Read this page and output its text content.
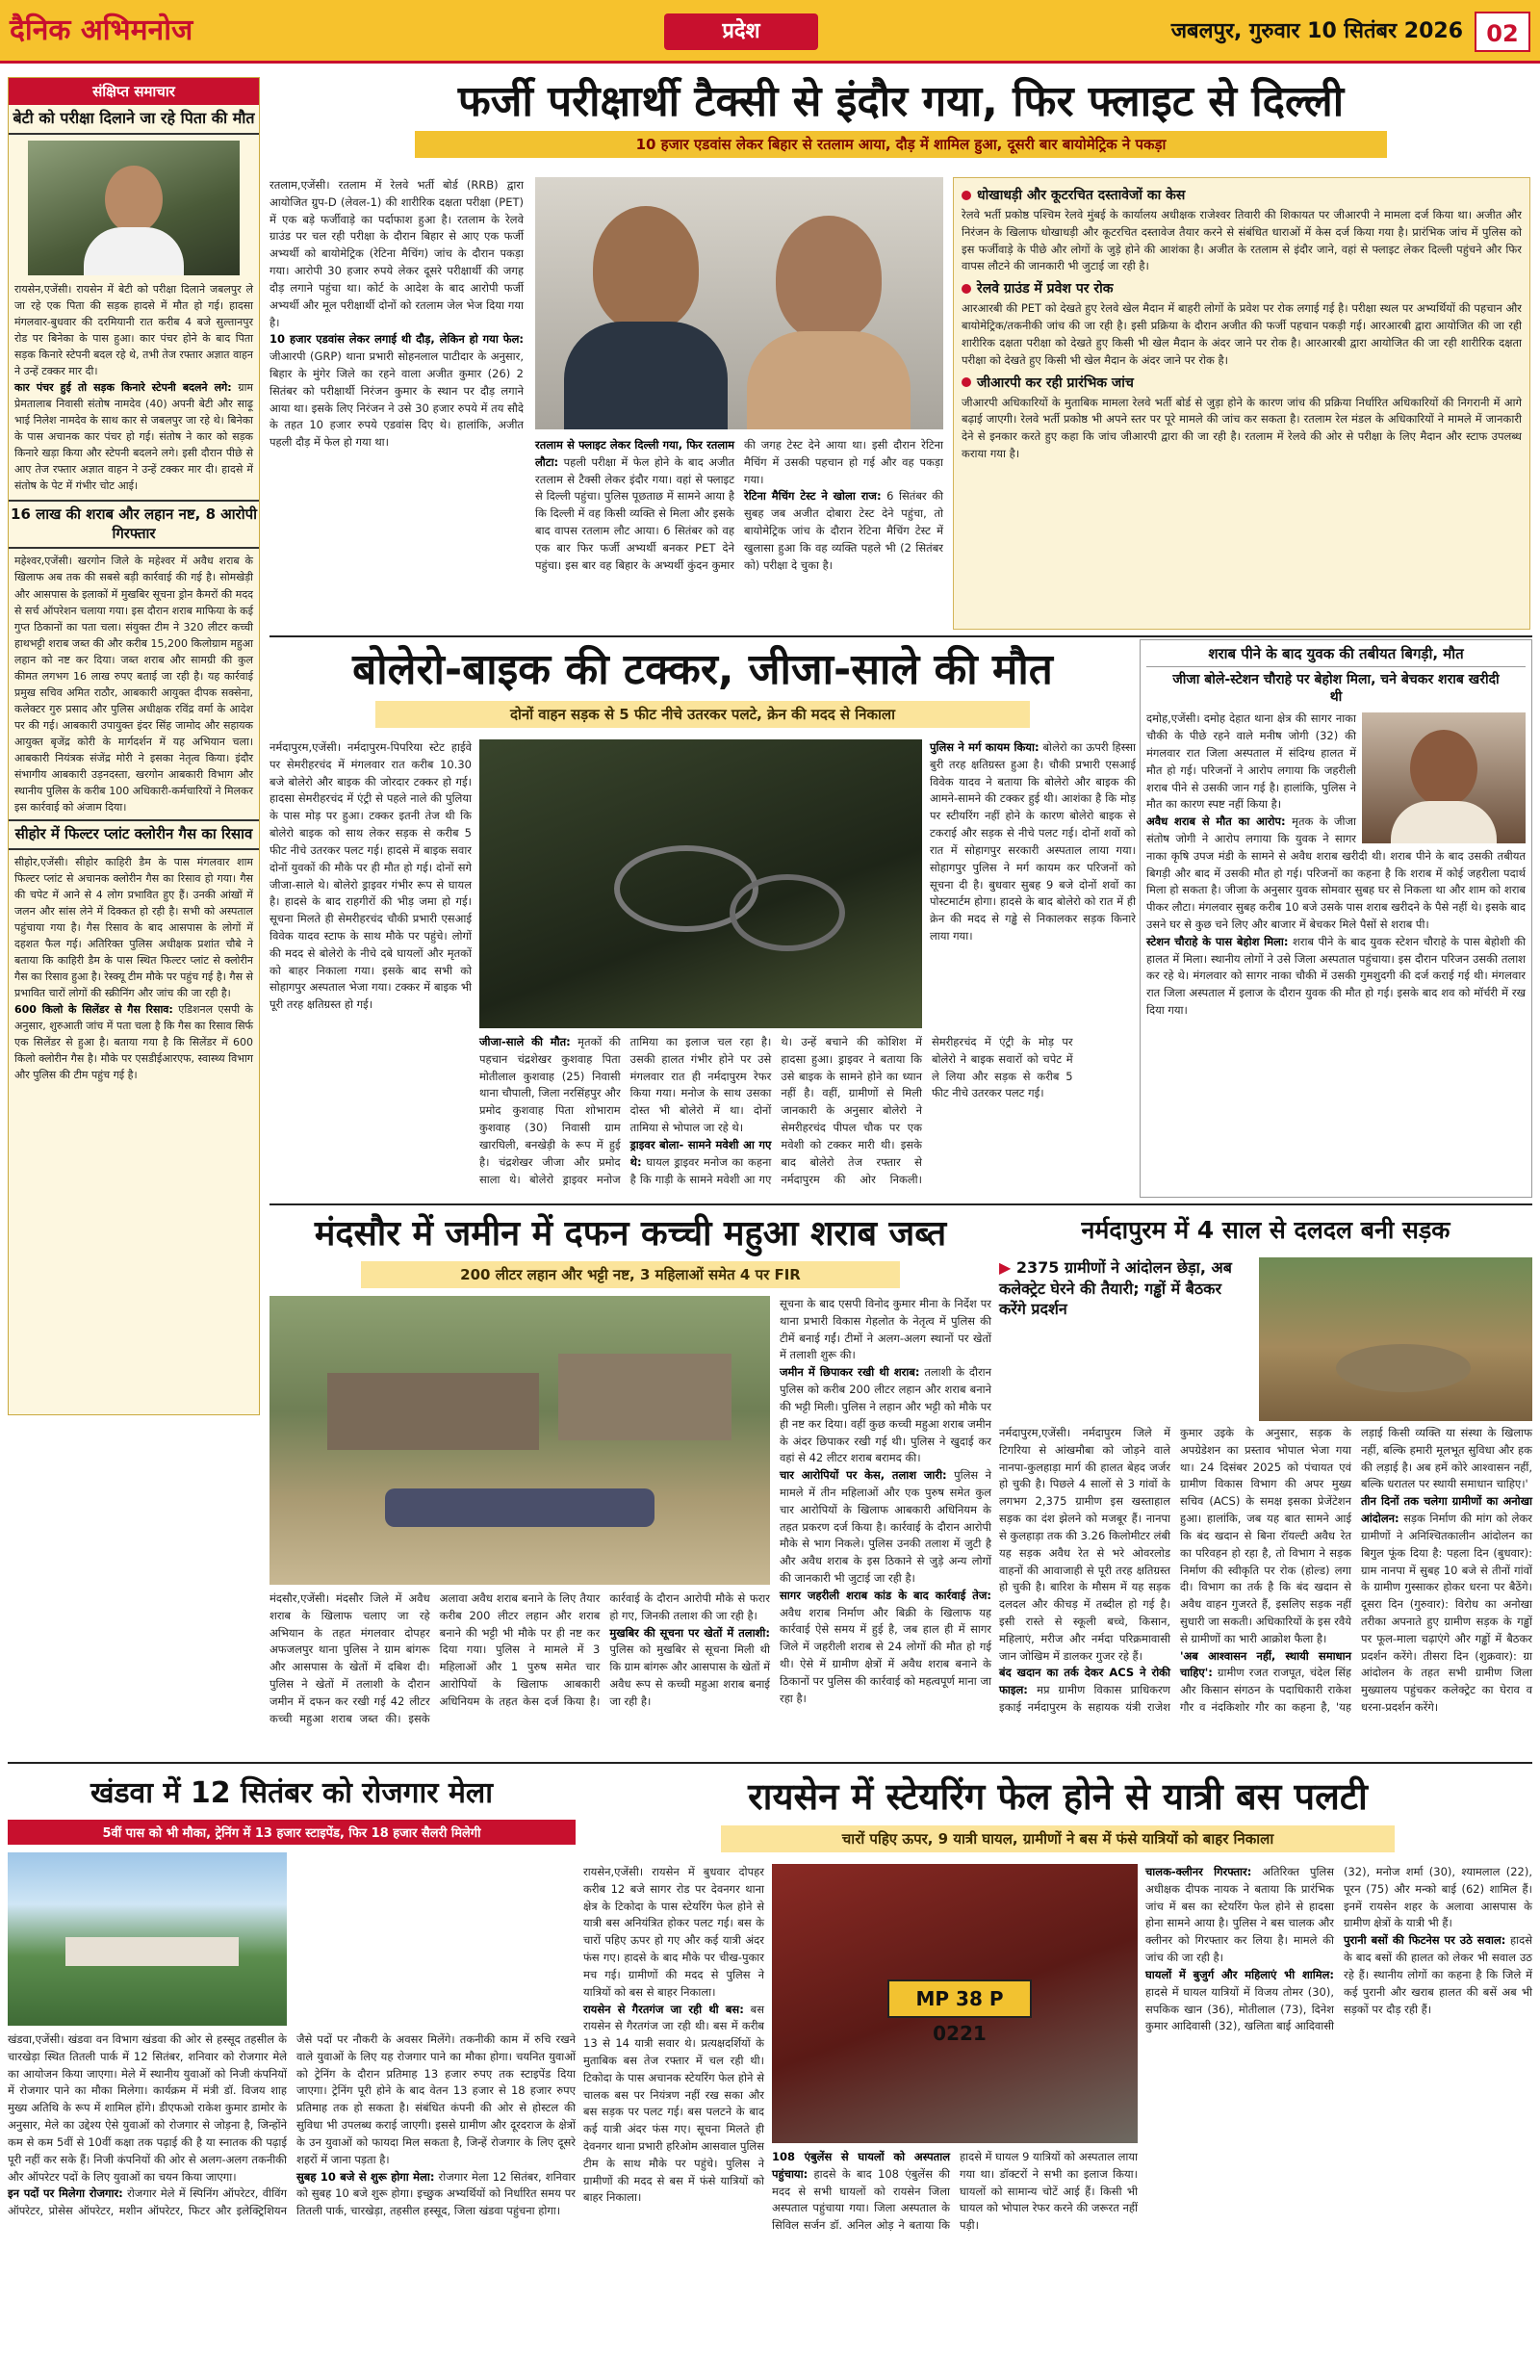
दैनिक अभिमनोज	प्रदेश	जबलपुर, गुरुवार 10 सितंबर 2026	02
संक्षिप्त समाचार
बेटी को परीक्षा दिलाने जा रहे पिता की मौत

रायसेन,एजेंसी। रायसेन में बेटी को परीक्षा दिलाने जबलपुर ले जा रहे एक पिता की सड़क हादसे में मौत हो गई। हादसा मंगलवार-बुधवार की दरमियानी रात करीब 4 बजे सुल्तानपुर रोड पर बिनेका के पास हुआ। कार पंचर होने के बाद पिता सड़क किनारे स्टेपनी बदल रहे थे, तभी तेज रफ्तार अज्ञात वाहन ने उन्हें टक्कर मार दी।

कार पंचर हुई तो सड़क किनारे स्टेपनी बदलने लगे: ग्राम प्रेमतालाब निवासी संतोष नामदेव (40) अपनी बेटी और साढ़ू भाई निलेश नामदेव के साथ कार से जबलपुर जा रहे थे। बिनेका के पास अचानक कार पंचर हो गई। संतोष ने कार को सड़क किनारे खड़ा किया और स्टेपनी बदलने लगे। इसी दौरान पीछे से आए तेज रफ्तार अज्ञात वाहन ने उन्हें टक्कर मार दी। हादसे में संतोष के पेट में गंभीर चोट आई।

16 लाख की शराब और लहान नष्ट, 8 आरोपी गिरफ्तार

महेश्वर,एजेंसी। खरगोन जिले के महेश्वर में अवैध शराब के खिलाफ अब तक की सबसे बड़ी कार्रवाई की गई है। सोमखेड़ी और आसपास के इलाकों में मुखबिर सूचना ड्रोन कैमरों की मदद से सर्च ऑपरेशन चलाया गया। इस दौरान शराब माफिया के कई गुप्त ठिकानों का पता चला। संयुक्त टीम ने 320 लीटर कच्ची हाथभट्टी शराब जब्त की और करीब 15,200 किलोग्राम महुआ लहान को नष्ट कर दिया। जब्त शराब और सामग्री की कुल कीमत लगभग 16 लाख रुपए बताई जा रही है। यह कार्रवाई प्रमुख सचिव अमित राठौर, आबकारी आयुक्त दीपक सक्सेना, कलेक्टर गुरु प्रसाद और पुलिस अधीक्षक रविंद्र वर्मा के आदेश पर की गई। आबकारी उपायुक्त इंदर सिंह जामोद और सहायक आयुक्त बृजेंद्र कोरी के मार्गदर्शन में यह अभियान चला। आबकारी नियंत्रक संजेंद्र मोरी ने इसका नेतृत्व किया। इंदौर संभागीय आबकारी उड़नदस्ता, खरगोन आबकारी विभाग और स्थानीय पुलिस के करीब 100 अधिकारी-कर्मचारियों ने मिलकर इस कार्रवाई को अंजाम दिया।

सीहोर में फिल्टर प्लांट क्लोरीन गैस का रिसाव

सीहोर,एजेंसी। सीहोर काहिरी डैम के पास मंगलवार शाम फिल्टर प्लांट से अचानक क्लोरीन गैस का रिसाव हो गया। गैस की चपेट में आने से 4 लोग प्रभावित हुए हैं। उनकी आंखों में जलन और सांस लेने में दिक्कत हो रही है। सभी को अस्पताल पहुंचाया गया है। गैस रिसाव के बाद आसपास के लोगों में दहशत फैल गई। अतिरिक्त पुलिस अधीक्षक प्रशांत चौबे ने बताया कि काहिरी डैम के पास स्थित फिल्टर प्लांट से क्लोरीन गैस का रिसाव हुआ है। रेस्क्यू टीम मौके पर पहुंच गई है। गैस से प्रभावित चारों लोगों की स्क्रीनिंग और जांच की जा रही है।

600 किलो के सिलेंडर से गैस रिसाव: एडिशनल एसपी के अनुसार, शुरुआती जांच में पता चला है कि गैस का रिसाव सिर्फ एक सिलेंडर से हुआ है। बताया गया है कि सिलेंडर में 600 किलो क्लोरीन गैस है। मौके पर एसडीईआरएफ, स्वास्थ्य विभाग और पुलिस की टीम पहुंच गई है।

फर्जी परीक्षार्थी टैक्सी से इंदौर गया, फिर फ्लाइट से दिल्ली
10 हजार एडवांस लेकर बिहार से रतलाम आया, दौड़ में शामिल हुआ, दूसरी बार बायोमेट्रिक ने पकड़ा

रतलाम,एजेंसी। रतलाम में रेलवे भर्ती बोर्ड (RRB) द्वारा आयोजित ग्रुप-D (लेवल-1) की शारीरिक दक्षता परीक्षा (PET) में एक बड़े फर्जीवाड़े का पर्दाफाश हुआ है। रतलाम के रेलवे ग्राउंड पर चल रही परीक्षा के दौरान बिहार से आए एक फर्जी अभ्यर्थी को बायोमेट्रिक (रेटिना मैचिंग) जांच के दौरान पकड़ा गया। आरोपी 30 हजार रुपये लेकर दूसरे परीक्षार्थी की जगह दौड़ लगाने पहुंचा था। कोर्ट के आदेश के बाद आरोपी फर्जी अभ्यर्थी और मूल परीक्षार्थी दोनों को रतलाम जेल भेज दिया गया है।

10 हजार एडवांस लेकर लगाई थी दौड़, लेकिन हो गया फेल: जीआरपी (GRP) थाना प्रभारी सोहनलाल पाटीदार के अनुसार, बिहार के मुंगेर जिले का रहने वाला अजीत कुमार (26) 2 सितंबर को परीक्षार्थी निरंजन कुमार के स्थान पर दौड़ लगाने आया था। इसके लिए निरंजन ने उसे 30 हजार रुपये में तय सौदे के तहत 10 हजार रुपये एडवांस दिए थे। हालांकि, अजीत पहली दौड़ में फेल हो गया था।	रतलाम से फ्लाइट लेकर दिल्ली गया, फिर रतलाम लौटा: पहली परीक्षा में फेल होने के बाद अजीत रतलाम से टैक्सी लेकर इंदौर गया। वहां से फ्लाइट से दिल्ली पहुंचा। पुलिस पूछताछ में सामने आया है कि दिल्ली में वह किसी व्यक्ति से मिला और इसके बाद वापस रतलाम लौट आया। 6 सितंबर को वह एक बार फिर फर्जी अभ्यर्थी बनकर PET देने पहुंचा। इस बार वह बिहार के अभ्यर्थी कुंदन कुमार की जगह टेस्ट देने आया था। इसी दौरान रेटिना मैचिंग में उसकी पहचान हो गई और वह पकड़ा गया।

रेटिना मैचिंग टेस्ट ने खोला राज: 6 सितंबर की सुबह जब अजीत दोबारा टेस्ट देने पहुंचा, तो बायोमेट्रिक जांच के दौरान रेटिना मैचिंग टेस्ट में खुलासा हुआ कि वह व्यक्ति पहले भी (2 सितंबर को) परीक्षा दे चुका है।

धोखाधड़ी और कूटरचित दस्तावेजों का केस

रेलवे भर्ती प्रकोष्ठ पश्चिम रेलवे मुंबई के कार्यालय अधीक्षक राजेश्वर तिवारी की शिकायत पर जीआरपी ने मामला दर्ज किया था। अजीत और निरंजन के खिलाफ धोखाधड़ी और कूटरचित दस्तावेज तैयार करने से संबंधित धाराओं में केस दर्ज किया गया है। प्रारंभिक जांच में पुलिस को इस फर्जीवाड़े के पीछे और लोगों के जुड़े होने की आशंका है। अजीत के रतलाम से इंदौर जाने, वहां से फ्लाइट लेकर दिल्ली पहुंचने और फिर वापस लौटने की जानकारी भी जुटाई जा रही है।

रेलवे ग्राउंड में प्रवेश पर रोक

आरआरबी की PET को देखते हुए रेलवे खेल मैदान में बाहरी लोगों के प्रवेश पर रोक लगाई गई है। परीक्षा स्थल पर अभ्यर्थियों की पहचान और बायोमेट्रिक/तकनीकी जांच की जा रही है। इसी प्रक्रिया के दौरान अजीत की फर्जी पहचान पकड़ी गई। आरआरबी द्वारा आयोजित की जा रही शारीरिक दक्षता परीक्षा को देखते हुए किसी भी खेल मैदान के अंदर जाने पर रोक है। आरआरबी द्वारा आयोजित की जा रही शारीरिक दक्षता परीक्षा को देखते हुए किसी भी खेल मैदान के अंदर जाने पर रोक है।

जीआरपी कर रही प्रारंभिक जांच

जीआरपी अधिकारियों के मुताबिक मामला रेलवे भर्ती बोर्ड से जुड़ा होने के कारण जांच की प्रक्रिया निर्धारित अधिकारियों की निगरानी में आगे बढ़ाई जाएगी। रेलवे भर्ती प्रकोष्ठ भी अपने स्तर पर पूरे मामले की जांच कर सकता है। रतलाम रेल मंडल के अधिकारियों ने मामले में जानकारी देने से इनकार करते हुए कहा कि जांच जीआरपी द्वारा की जा रही है। रतलाम में रेलवे की ओर से परीक्षा के लिए मैदान और स्टाफ उपलब्ध कराया गया है।

बोलेरो-बाइक की टक्कर, जीजा-साले की मौत
दोनों वाहन सड़क से 5 फीट नीचे उतरकर पलटे, क्रेन की मदद से निकाला

नर्मदापुरम,एजेंसी। नर्मदापुरम-पिपरिया स्टेट हाईवे पर सेमरीहरचंद में मंगलवार रात करीब 10.30 बजे बोलेरो और बाइक की जोरदार टक्कर हो गई। हादसा सेमरीहरचंद में एंट्री से पहले नाले की पुलिया के पास मोड़ पर हुआ। टक्कर इतनी तेज थी कि बोलेरो बाइक को साथ लेकर सड़क से करीब 5 फीट नीचे उतरकर पलट गई। हादसे में बाइक सवार दोनों युवकों की मौके पर ही मौत हो गई। दोनों सगे जीजा-साले थे। बोलेरो ड्राइवर गंभीर रूप से घायल है। हादसे के बाद राहगीरों की भीड़ जमा हो गई। सूचना मिलते ही सेमरीहरचंद चौकी प्रभारी एसआई विवेक यादव स्टाफ के साथ मौके पर पहुंचे। लोगों की मदद से बोलेरो के नीचे दबे घायलों और मृतकों को बाहर निकाला गया। इसके बाद सभी को सोहागपुर अस्पताल भेजा गया। टक्कर में बाइक भी पूरी तरह क्षतिग्रस्त हो गई।

जीजा-साले की मौत: मृतकों की पहचान चंद्रशेखर कुशवाह पिता मोतीलाल कुशवाह (25) निवासी थाना चौपाली, जिला नरसिंहपुर और प्रमोद कुशवाह पिता शोभाराम कुशवाह (30) निवासी ग्राम खारघिली, बनखेड़ी के रूप में हुई है। चंद्रशेखर जीजा और प्रमोद साला थे। बोलेरो ड्राइवर मनोज तामिया का इलाज चल रहा है। उसकी हालत गंभीर होने पर उसे मंगलवार रात ही नर्मदापुरम रेफर किया गया। मनोज के साथ उसका दोस्त भी बोलेरो में था। दोनों तामिया से भोपाल जा रहे थे।

ड्राइवर बोला- सामने मवेशी आ गए थे: घायल ड्राइवर मनोज का कहना है कि गाड़ी के सामने मवेशी आ गए थे। उन्हें बचाने की कोशिश में हादसा हुआ। ड्राइवर ने बताया कि उसे बाइक के सामने होने का ध्यान नहीं है। वहीं, ग्रामीणों से मिली जानकारी के अनुसार बोलेरो ने सेमरीहरचंद पीपल चौक पर एक मवेशी को टक्कर मारी थी। इसके बाद बोलेरो तेज रफ्तार से नर्मदापुरम की ओर निकली। सेमरीहरचंद में एंट्री के मोड़ पर बोलेरो ने बाइक सवारों को चपेट में ले लिया और सड़क से करीब 5 फीट नीचे उतरकर पलट गई।

पुलिस ने मर्ग कायम किया: बोलेरो का ऊपरी हिस्सा बुरी तरह क्षतिग्रस्त हुआ है। चौकी प्रभारी एसआई विवेक यादव ने बताया कि बोलेरो और बाइक की आमने-सामने की टक्कर हुई थी। आशंका है कि मोड़ पर स्टीयरिंग नहीं होने के कारण बोलेरो बाइक से टकराई और सड़क से नीचे पलट गई। दोनों शवों को रात में सोहागपुर सरकारी अस्पताल लाया गया। सोहागपुर पुलिस ने मर्ग कायम कर परिजनों को सूचना दी है। बुधवार सुबह 9 बजे दोनों शवों का पोस्टमार्टम होगा। हादसे के बाद बोलेरो को रात में ही क्रेन की मदद से गड्ढे से निकालकर सड़क किनारे लाया गया।

शराब पीने के बाद युवक की तबीयत बिगड़ी, मौत
जीजा बोले-स्टेशन चौराहे पर बेहोश मिला, चने बेचकर शराब खरीदी थी

दमोह,एजेंसी। दमोह देहात थाना क्षेत्र की सागर नाका चौकी के पीछे रहने वाले मनीष जोगी (32) की मंगलवार रात जिला अस्पताल में संदिग्ध हालत में मौत हो गई। परिजनों ने आरोप लगाया कि जहरीली शराब पीने से उसकी जान गई है। हालांकि, पुलिस ने मौत का कारण स्पष्ट नहीं किया है।

अवैध शराब से मौत का आरोप: मृतक के जीजा संतोष जोगी ने आरोप लगाया कि युवक ने सागर नाका कृषि उपज मंडी के सामने से अवैध शराब खरीदी थी। शराब पीने के बाद उसकी तबीयत बिगड़ी और बाद में उसकी मौत हो गई। परिजनों का कहना है कि शराब में कोई जहरीला पदार्थ मिला हो सकता है। जीजा के अनुसार युवक सोमवार सुबह घर से निकला था और शाम को शराब पीकर लौटा। मंगलवार सुबह करीब 10 बजे उसके पास शराब खरीदने के पैसे नहीं थे। इसके बाद उसने घर से कुछ चने लिए और बाजार में बेचकर मिले पैसों से शराब पी।

स्टेशन चौराहे के पास बेहोश मिला: शराब पीने के बाद युवक स्टेशन चौराहे के पास बेहोशी की हालत में मिला। स्थानीय लोगों ने उसे जिला अस्पताल पहुंचाया। इस दौरान परिजन उसकी तलाश कर रहे थे। मंगलवार को सागर नाका चौकी में उसकी गुमशुदगी की दर्ज कराई गई थी। मंगलवार रात जिला अस्पताल में इलाज के दौरान युवक की मौत हो गई। इसके बाद शव को मॉर्चरी में रख दिया गया।

मंदसौर में जमीन में दफन कच्ची महुआ शराब जब्त
200 लीटर लहान और भट्टी नष्ट, 3 महिलाओं समेत 4 पर FIR

सूचना के बाद एसपी विनोद कुमार मीना के निर्देश पर थाना प्रभारी विकास गेहलोत के नेतृत्व में पुलिस की टीमें बनाई गईं। टीमों ने अलग-अलग स्थानों पर खेतों में तलाशी शुरू की।

जमीन में छिपाकर रखी थी शराब: तलाशी के दौरान पुलिस को करीब 200 लीटर लहान और शराब बनाने की भट्टी मिली। पुलिस ने लहान और भट्टी को मौके पर ही नष्ट कर दिया। वहीं कुछ कच्ची महुआ शराब जमीन के अंदर छिपाकर रखी गई थी। पुलिस ने खुदाई कर वहां से 42 लीटर शराब बरामद की।

चार आरोपियों पर केस, तलाश जारी: पुलिस ने मामले में तीन महिलाओं और एक पुरुष समेत कुल चार आरोपियों के खिलाफ आबकारी अधिनियम के तहत प्रकरण दर्ज किया है। कार्रवाई के दौरान आरोपी मौके से भाग निकले। पुलिस उनकी तलाश में जुटी है और अवैध शराब के इस ठिकाने से जुड़े अन्य लोगों की जानकारी भी जुटाई जा रही है।

सागर जहरीली शराब कांड के बाद कार्रवाई तेज: अवैध शराब निर्माण और बिक्री के खिलाफ यह कार्रवाई ऐसे समय में हुई है, जब हाल ही में सागर जिले में जहरीली शराब से 24 लोगों की मौत हो गई थी। ऐसे में ग्रामीण क्षेत्रों में अवैध शराब बनाने के ठिकानों पर पुलिस की कार्रवाई को महत्वपूर्ण माना जा रहा है।

मंदसौर,एजेंसी। मंदसौर जिले में अवैध शराब के खिलाफ चलाए जा रहे अभियान के तहत मंगलवार दोपहर अफजलपुर थाना पुलिस ने ग्राम बांगरू और आसपास के खेतों में दबिश दी। पुलिस ने खेतों में तलाशी के दौरान जमीन में दफन कर रखी गई 42 लीटर कच्ची महुआ शराब जब्त की। इसके अलावा अवैध शराब बनाने के लिए तैयार करीब 200 लीटर लहान और शराब बनाने की भट्टी भी मौके पर ही नष्ट कर दिया गया। पुलिस ने मामले में 3 महिलाओं और 1 पुरुष समेत चार आरोपियों के खिलाफ आबकारी अधिनियम के तहत केस दर्ज किया है। कार्रवाई के दौरान आरोपी मौके से फरार हो गए, जिनकी तलाश की जा रही है।

मुखबिर की सूचना पर खेतों में तलाशी: पुलिस को मुखबिर से सूचना मिली थी कि ग्राम बांगरू और आसपास के खेतों में अवैध रूप से कच्ची महुआ शराब बनाई जा रही है।

नर्मदापुरम में 4 साल से दलदल बनी सड़क
▶ 2375 ग्रामीणों ने आंदोलन छेड़ा, अब कलेक्ट्रेट घेरने की तैयारी; गड्ढों में बैठकर करेंगे प्रदर्शन

नर्मदापुरम,एजेंसी। नर्मदापुरम जिले में टिगरिया से आंखमौबा को जोड़ने वाले नानपा-कुलहाड़ा मार्ग की हालत बेहद जर्जर हो चुकी है। पिछले 4 सालों से 3 गांवों के लगभग 2,375 ग्रामीण इस खस्ताहाल सड़क का दंश झेलने को मजबूर हैं। नानपा से कुलहाड़ा तक की 3.26 किलोमीटर लंबी यह सड़क अवैध रेत से भरे ओवरलोड वाहनों की आवाजाही से पूरी तरह क्षतिग्रस्त हो चुकी है। बारिश के मौसम में यह सड़क दलदल और कीचड़ में तब्दील हो गई है। इसी रास्ते से स्कूली बच्चे, किसान, महिलाएं, मरीज और नर्मदा परिक्रमावासी जान जोखिम में डालकर गुजर रहे हैं।

बंद खदान का तर्क देकर ACS ने रोकी फाइल: मप्र ग्रामीण विकास प्राधिकरण इकाई नर्मदापुरम के सहायक यंत्री राजेश कुमार उइके के अनुसार, सड़क के अपग्रेडेशन का प्रस्ताव भोपाल भेजा गया था। 24 दिसंबर 2025 को पंचायत एवं ग्रामीण विकास विभाग की अपर मुख्य सचिव (ACS) के समक्ष इसका प्रेजेंटेशन हुआ। हालांकि, जब यह बात सामने आई कि बंद खदान से बिना रॉयल्टी अवैध रेत का परिवहन हो रहा है, तो विभाग ने सड़क निर्माण की स्वीकृति पर रोक (होल्ड) लगा दी। विभाग का तर्क है कि बंद खदान से अवैध वाहन गुजरते हैं, इसलिए सड़क नहीं सुधारी जा सकती। अधिकारियों के इस रवैये से ग्रामीणों का भारी आक्रोश फैला है।

'अब आश्वासन नहीं, स्थायी समाधान चाहिए': ग्रामीण रजत राजपूत, चंदेल सिंह और किसान संगठन के पदाधिकारी राकेश गौर व नंदकिशोर गौर का कहना है, 'यह लड़ाई किसी व्यक्ति या संस्था के खिलाफ नहीं, बल्कि हमारी मूलभूत सुविधा और हक की लड़ाई है। अब हमें कोरे आश्वासन नहीं, बल्कि धरातल पर स्थायी समाधान चाहिए।'

तीन दिनों तक चलेगा ग्रामीणों का अनोखा आंदोलन: सड़क निर्माण की मांग को लेकर ग्रामीणों ने अनिश्चितकालीन आंदोलन का बिगुल फूंक दिया है: पहला दिन (बुधवार): ग्राम नानपा में सुबह 10 बजे से तीनों गांवों के ग्रामीण गुस्साकर होकर धरना पर बैठेंगे। दूसरा दिन (गुरुवार): विरोध का अनोखा तरीका अपनाते हुए ग्रामीण सड़क के गड्ढों पर फूल-माला चढ़ाएंगे और गड्ढों में बैठकर प्रदर्शन करेंगे। तीसरा दिन (शुक्रवार): ग्रा आंदोलन के तहत सभी ग्रामीण जिला मुख्यालय पहुंचकर कलेक्ट्रेट का घेराव व धरना-प्रदर्शन करेंगे।

खंडवा में 12 सितंबर को रोजगार मेला
5वीं पास को भी मौका, ट्रेनिंग में 13 हजार स्टाइपेंड, फिर 18 हजार सैलरी मिलेगी

खंडवा,एजेंसी। खंडवा वन विभाग खंडवा की ओर से हस्सूद तहसील के चारखेड़ा स्थित तितली पार्क में 12 सितंबर, शनिवार को रोजगार मेले का आयोजन किया जाएगा। मेले में स्थानीय युवाओं को निजी कंपनियों में रोजगार पाने का मौका मिलेगा। कार्यक्रम में मंत्री डॉ. विजय शाह मुख्य अतिथि के रूप में शामिल होंगे। डीएफओ राकेश कुमार डामोर के अनुसार, मेले का उद्देश्य ऐसे युवाओं को रोजगार से जोड़ना है, जिन्होंने कम से कम 5वीं से 10वीं कक्षा तक पढ़ाई की है या स्नातक की पढ़ाई पूरी नहीं कर सके हैं। निजी कंपनियों की ओर से अलग-अलग तकनीकी और ऑपरेटर पदों के लिए युवाओं का चयन किया जाएगा।

इन पदों पर मिलेगा रोजगार: रोजगार मेले में स्पिनिंग ऑपरेटर, वीविंग ऑपरेटर, प्रोसेस ऑपरेटर, मशीन ऑपरेटर, फिटर और इलेक्ट्रिशियन जैसे पदों पर नौकरी के अवसर मिलेंगे। तकनीकी काम में रुचि रखने वाले युवाओं के लिए यह रोजगार पाने का मौका होगा। चयनित युवाओं को ट्रेनिंग के दौरान प्रतिमाह 13 हजार रुपए तक स्टाइपेंड दिया जाएगा। ट्रेनिंग पूरी होने के बाद वेतन 13 हजार से 18 हजार रुपए प्रतिमाह तक हो सकता है। संबंधित कंपनी की ओर से होस्टल की सुविधा भी उपलब्ध कराई जाएगी। इससे ग्रामीण और दूरदराज के क्षेत्रों के उन युवाओं को फायदा मिल सकता है, जिन्हें रोजगार के लिए दूसरे शहरों में जाना पड़ता है।

सुबह 10 बजे से शुरू होगा मेला: रोजगार मेला 12 सितंबर, शनिवार को सुबह 10 बजे शुरू होगा। इच्छुक अभ्यर्थियों को निर्धारित समय पर तितली पार्क, चारखेड़ा, तहसील हस्सूद, जिला खंडवा पहुंचना होगा।

रायसेन में स्टेयरिंग फेल होने से यात्री बस पलटी
चारों पहिए ऊपर, 9 यात्री घायल, ग्रामीणों ने बस में फंसे यात्रियों को बाहर निकाला
MP 38 P 0221

रायसेन,एजेंसी। रायसेन में बुधवार दोपहर करीब 12 बजे सागर रोड पर देवनगर थाना क्षेत्र के टिकोदा के पास स्टेयरिंग फेल होने से यात्री बस अनियंत्रित होकर पलट गई। बस के चारों पहिए ऊपर हो गए और कई यात्री अंदर फंस गए। हादसे के बाद मौके पर चीख-पुकार मच गई। ग्रामीणों की मदद से पुलिस ने यात्रियों को बस से बाहर निकाला।

रायसेन से गैरतगंज जा रही थी बस: बस रायसेन से गैरतगंज जा रही थी। बस में करीब 13 से 14 यात्री सवार थे। प्रत्यक्षदर्शियों के मुताबिक बस तेज रफ्तार में चल रही थी। टिकोदा के पास अचानक स्टेयरिंग फेल होने से चालक बस पर नियंत्रण नहीं रख सका और बस सड़क पर पलट गई। बस पलटने के बाद कई यात्री अंदर फंस गए। सूचना मिलते ही देवनगर थाना प्रभारी हरिओम आसवाल पुलिस टीम के साथ मौके पर पहुंचे। पुलिस ने ग्रामीणों की मदद से बस में फंसे यात्रियों को बाहर निकाला।

108 एंबुलेंस से घायलों को अस्पताल पहुंचाया: हादसे के बाद 108 एंबुलेंस की मदद से सभी घायलों को रायसेन जिला अस्पताल पहुंचाया गया। जिला अस्पताल के सिविल सर्जन डॉ. अनिल ओड़ ने बताया कि हादसे में घायल 9 यात्रियों को अस्पताल लाया गया था। डॉक्टरों ने सभी का इलाज किया। घायलों को सामान्य चोटें आई हैं। किसी भी घायल को भोपाल रेफर करने की जरूरत नहीं पड़ी।

चालक-क्लीनर गिरफ्तार: अतिरिक्त पुलिस अधीक्षक दीपक नायक ने बताया कि प्रारंभिक जांच में बस का स्टेयरिंग फेल होने से हादसा होना सामने आया है। पुलिस ने बस चालक और क्लीनर को गिरफ्तार कर लिया है। मामले की जांच की जा रही है।

घायलों में बुजुर्ग और महिलाएं भी शामिल: हादसे में घायल यात्रियों में विजय तोमर (30), सपकिक खान (36), मोतीलाल (73), दिनेश कुमार आदिवासी (32), खलिता बाई आदिवासी (32), मनोज शर्मा (30), श्यामलाल (22), पूरन (75) और मन्को बाई (62) शामिल हैं। इनमें रायसेन शहर के अलावा आसपास के ग्रामीण क्षेत्रों के यात्री भी हैं।

पुरानी बसों की फिटनेस पर उठे सवाल: हादसे के बाद बसों की हालत को लेकर भी सवाल उठ रहे हैं। स्थानीय लोगों का कहना है कि जिले में कई पुरानी और खराब हालत की बसें अब भी सड़कों पर दौड़ रही हैं।
